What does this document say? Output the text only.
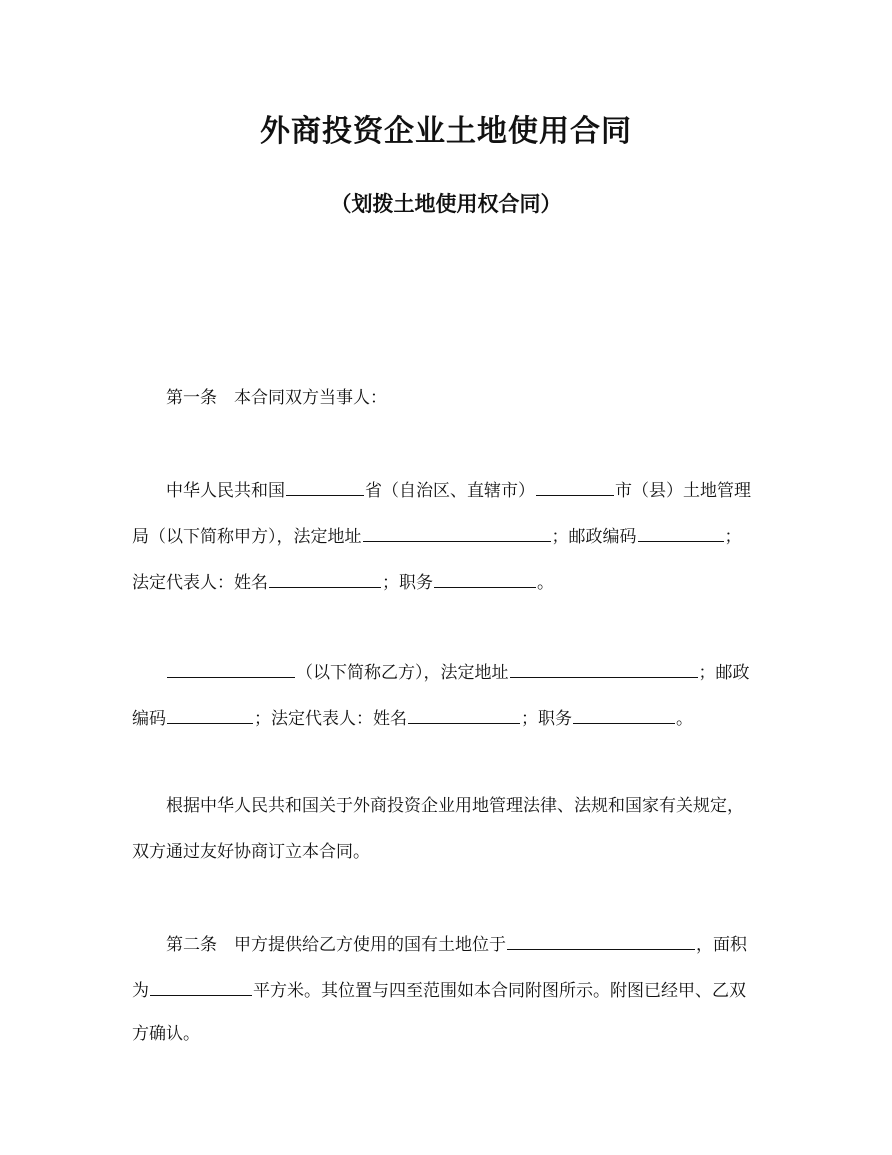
外商投资企业土地使用合同
（划拨土地使用权合同）
第一条　本合同双方当事人：
中华人民共和国	省（自治区、直辖市）	市（县）土地管理
局（以下简称甲方），法定地址	；邮政编码	；
法定代表人：姓名	；职务	。
（以下简称乙方），法定地址	；邮政
编码	；法定代表人：姓名	；职务	。
根据中华人民共和国关于外商投资企业用地管理法律、法规和国家有关规定，
双方通过友好协商订立本合同。
第二条　甲方提供给乙方使用的国有土地位于	，面积
为	平方米。其位置与四至范围如本合同附图所示。附图已经甲、乙双
方确认。
